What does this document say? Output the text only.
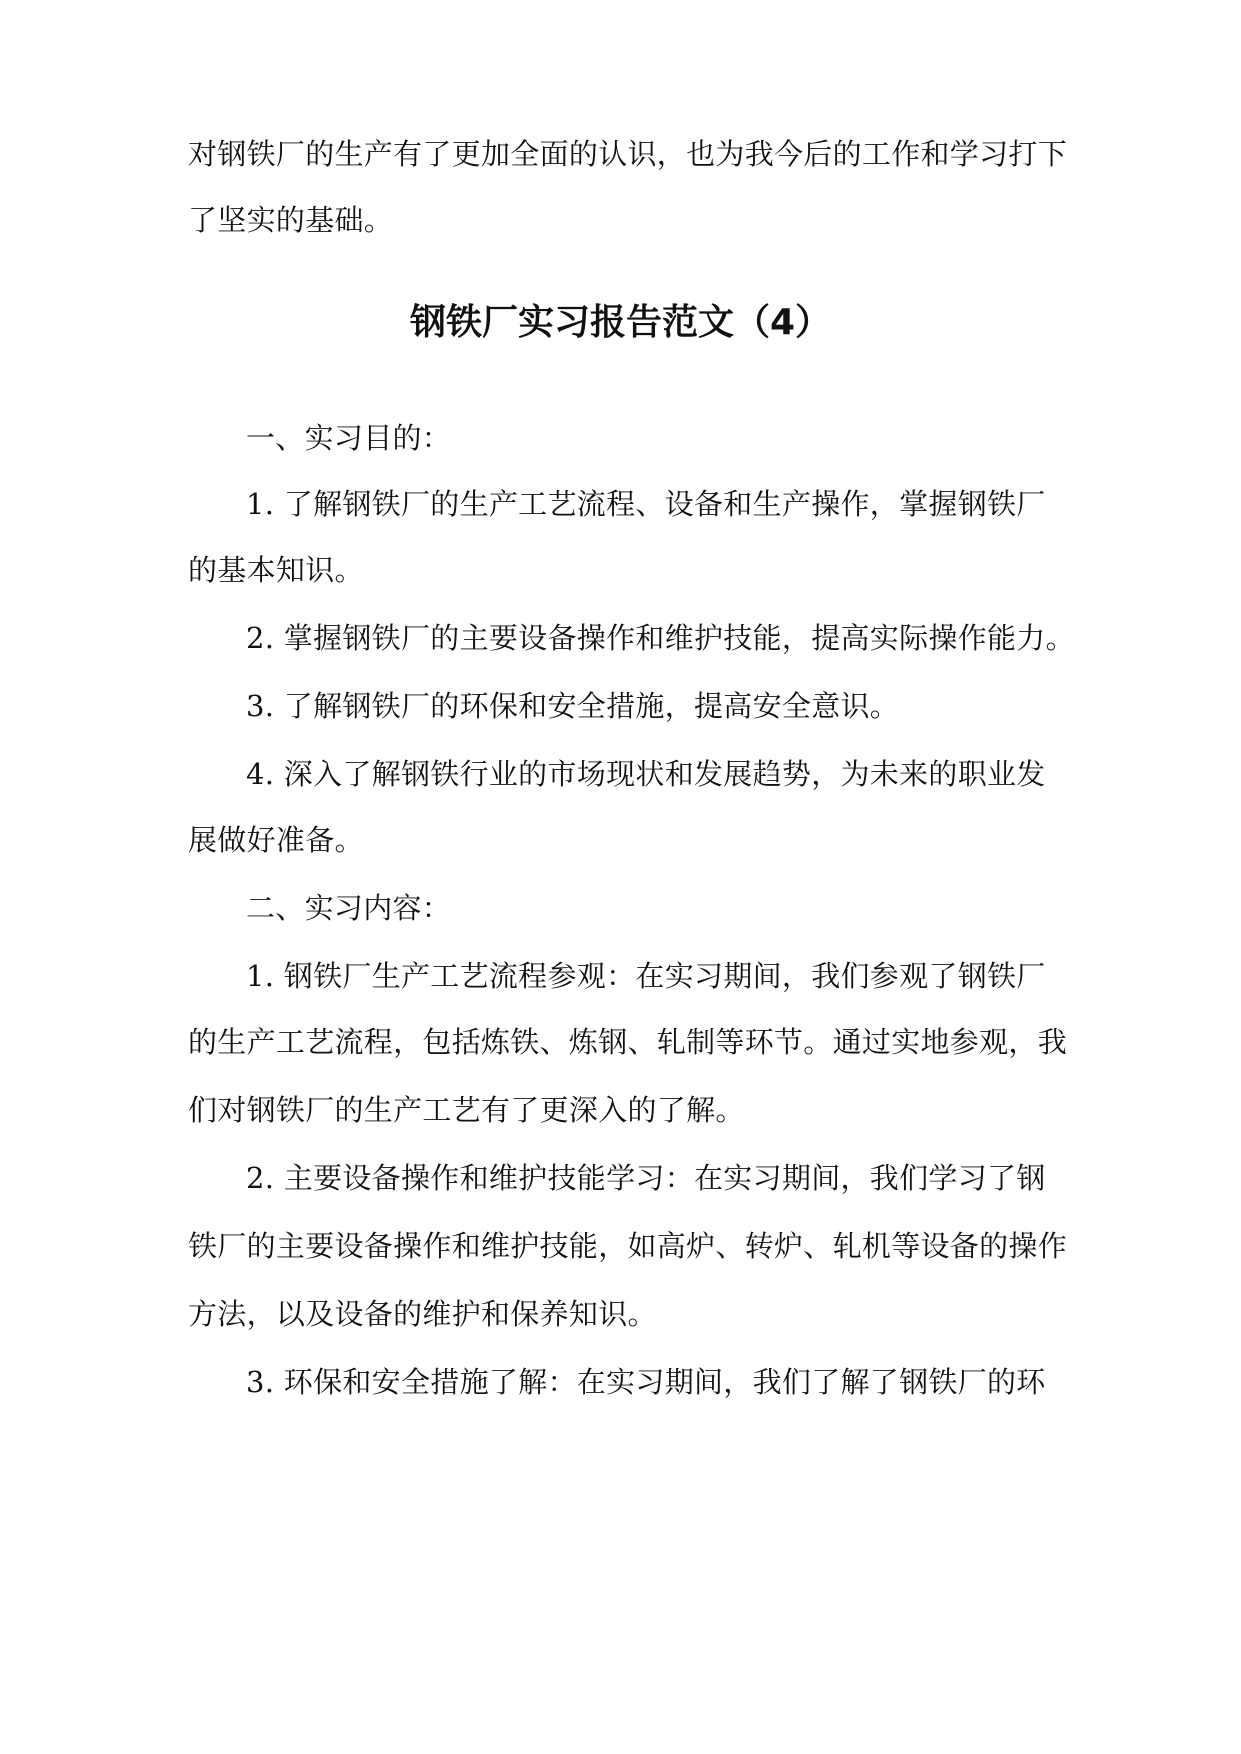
对钢铁厂的生产有了更加全面的认识，也为我今后的工作和学习打下
了坚实的基础。
钢铁厂实习报告范文（4）
一、实习目的：
1. 了解钢铁厂的生产工艺流程、设备和生产操作，掌握钢铁厂
的基本知识。
2. 掌握钢铁厂的主要设备操作和维护技能，提高实际操作能力。
3. 了解钢铁厂的环保和安全措施，提高安全意识。
4. 深入了解钢铁行业的市场现状和发展趋势，为未来的职业发
展做好准备。
二、实习内容：
1. 钢铁厂生产工艺流程参观：在实习期间，我们参观了钢铁厂
的生产工艺流程，包括炼铁、炼钢、轧制等环节。通过实地参观，我
们对钢铁厂的生产工艺有了更深入的了解。
2. 主要设备操作和维护技能学习：在实习期间，我们学习了钢
铁厂的主要设备操作和维护技能，如高炉、转炉、轧机等设备的操作
方法，以及设备的维护和保养知识。
3. 环保和安全措施了解：在实习期间，我们了解了钢铁厂的环
